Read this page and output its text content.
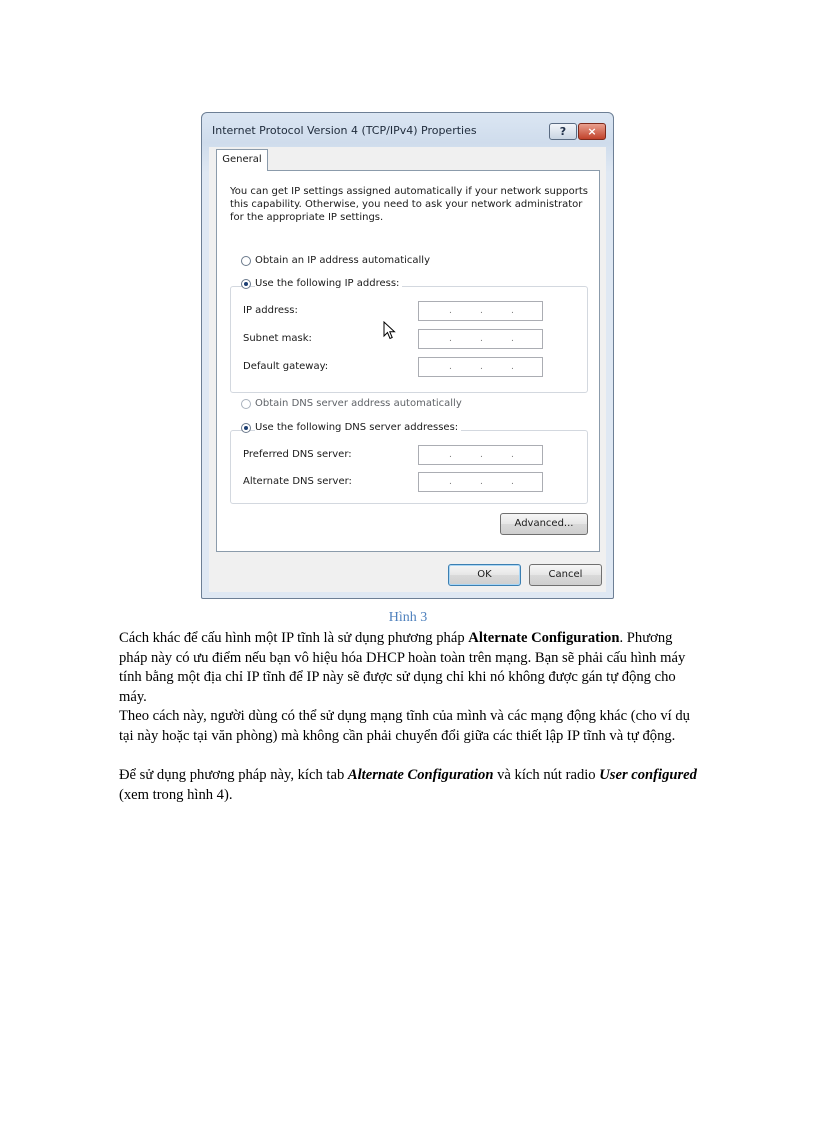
Internet Protocol Version 4 (TCP/IPv4) Properties	?	×
General

You can get IP settings assigned automatically if your network supports this capability. Otherwise, you need to ask your network administrator for the appropriate IP settings.

Obtain an IP address automatically
Use the following IP address:
IP address:	.	.	.
Subnet mask:	.	.	.
Default gateway:	.	.	.
Obtain DNS server address automatically
Use the following DNS server addresses:
Preferred DNS server:	.	.	.
Alternate DNS server:	.	.	.
Advanced...
OK	Cancel
Hình 3

Cách khác để cấu hình một IP tĩnh là sử dụng phương pháp Alternate Configuration. Phương pháp này có ưu điểm nếu bạn vô hiệu hóa DHCP hoàn toàn trên mạng. Bạn sẽ phải cấu hình máy tính bằng một địa chỉ IP tĩnh để IP này sẽ được sử dụng chỉ khi nó không được gán tự động cho máy.

Theo cách này, người dùng có thể sử dụng mạng tĩnh của mình và các mạng động khác (cho ví dụ tại này hoặc tại văn phòng) mà không cần phải chuyển đổi giữa các thiết lập IP tĩnh và tự động.

Để sử dụng phương pháp này, kích tab Alternate Configuration và kích nút radio User configured (xem trong hình 4).
